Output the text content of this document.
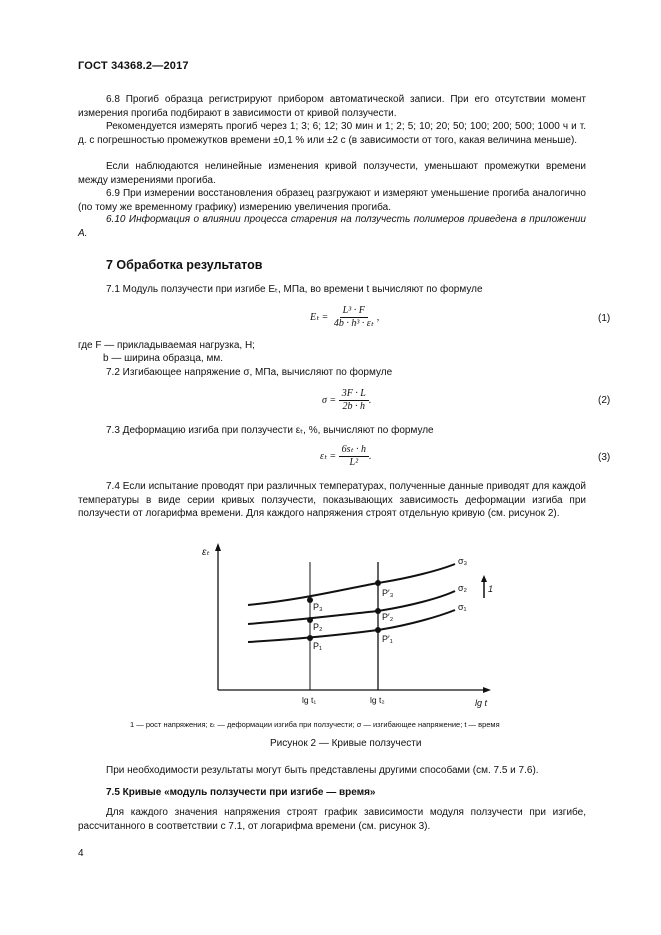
ГОСТ 34368.2—2017
6.8 Прогиб образца регистрируют прибором автоматической записи. При его отсутствии момент измерения прогиба подбирают в зависимости от кривой ползучести.
Рекомендуется измерять прогиб через 1; 3; 6; 12; 30 мин и 1; 2; 5; 10; 20; 50; 100; 200; 500; 1000 ч и т. д. с погрешностью промежутков времени ±0,1 % или ±2 с (в зависимости от того, какая величина меньше).
Если наблюдаются нелинейные изменения кривой ползучести, уменьшают промежутки времени между измерениями прогиба.
6.9 При измерении восстановления образец разгружают и измеряют уменьшение прогиба аналогично (по тому же временному графику) измерению увеличения прогиба.
6.10 Информация о влиянии процесса старения на ползучесть полимеров приведена в приложении А.
7 Обработка результатов
7.1 Модуль ползучести при изгибе Eₜ, МПа, во времени t вычисляют по формуле
$E_t = \frac{\text{L³ · F}}{\text{4b · h³ · εₜ}}$ ,	(1)
где F — прикладываемая нагрузка, Н;
b — ширина образца, мм.
7.2 Изгибающее напряжение σ, МПа, вычисляют по формуле
$\sigma = \frac{3F \cdot L}{2b \cdot h}$ .	(2)
7.3 Деформацию изгиба при ползучести εₜ, %, вычисляют по формуле
$\varepsilon_t = \frac{\text{6sₜ · h}}{\text{L²}}$ .	(3)
7.4 Если испытание проводят при различных температурах, полученные данные приводят для каждой температуры в виде серии кривых ползучести, показывающих зависимость деформации изгиба при ползучести от логарифма времени. Для каждого напряжения строят отдельную кривую (см. рисунок 2).
εₜ
lg t
lg t₁	lg t₂
σ₃
σ₂
σ₁
1
P₃
P₂
P₁
P′₃
P′₂
P′₁
1 — рост напряжения; εₜ — деформации изгиба при ползучести; σ — изгибающее напряжение; t — время
Рисунок 2 — Кривые ползучести
При необходимости результаты могут быть представлены другими способами (см. 7.5 и 7.6).
7.5 Кривые «модуль ползучести при изгибе — время»
Для каждого значения напряжения строят график зависимости модуля ползучести при изгибе, рассчитанного в соответствии с 7.1, от логарифма времени (см. рисунок 3).
4
